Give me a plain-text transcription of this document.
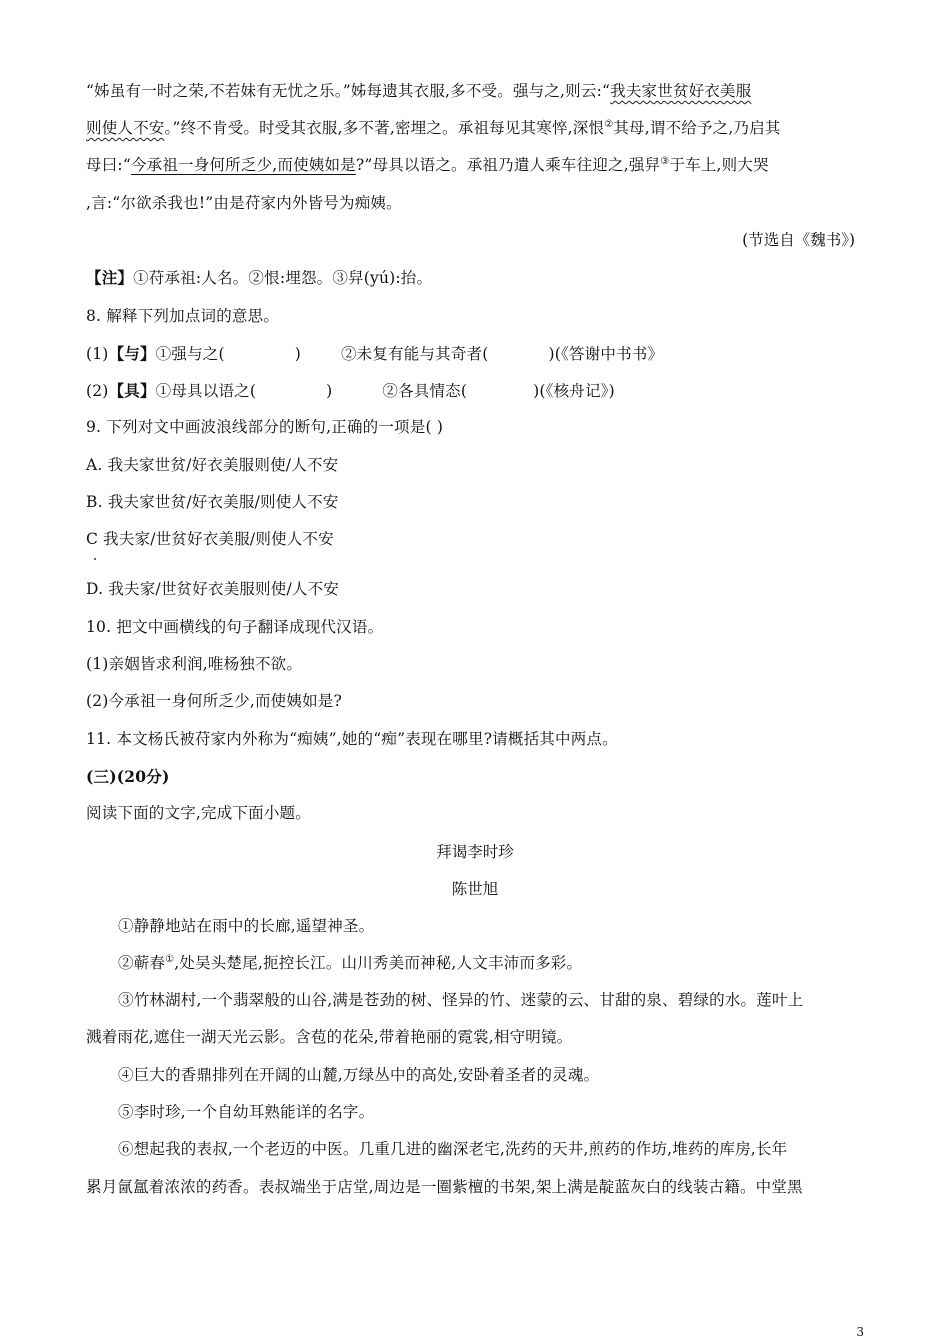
“姊虽有一时之荣,不若妹有无忧之乐。”姊每遗其衣服,多不受。强与之,则云:“我夫家世贫好衣美服
则使人不安。”终不肯受。时受其衣服,多不著,密埋之。承祖每见其寒悴,深恨②其母,谓不给予之,乃启其
母曰:“今承祖一身何所乏少,而使姨如是?”母具以语之。承祖乃遣人乘车往迎之,强舁③于车上,则大哭
,言:“尔欲杀我也!”由是苻家内外皆号为痴姨。
(节选自《魏书》)
【注】①苻承祖:人名。②恨:埋怨。③舁(yú):抬。
8. 解释下列加点词的意思。
(1)【与】①强与之(	)	②未复有能与其奇者(	)(《答谢中书书》
(2)【具】①母具以语之(	)	②各具情态(	)(《核舟记》)
9. 下列对文中画波浪线部分的断句,正确的一项是( )
A. 我夫家世贫/好衣美服则使/人不安
B. 我夫家世贫/好衣美服/则使人不安
C 我夫家/世贫好衣美服/则使人不安
D. 我夫家/世贫好衣美服则使/人不安
10. 把文中画横线的句子翻译成现代汉语。
(1)亲姻皆求利润,唯杨独不欲。
(2)今承祖一身何所乏少,而使姨如是?
11. 本文杨氏被苻家内外称为“痴姨”,她的“痴”表现在哪里?请概括其中两点。
(三)(20分)
阅读下面的文字,完成下面小题。
拜谒李时珍
陈世旭
①静静地站在雨中的长廊,遥望神圣。
②蕲春①,处吴头楚尾,扼控长江。山川秀美而神秘,人文丰沛而多彩。
③竹林湖村,一个翡翠般的山谷,满是苍劲的树、怪异的竹、迷蒙的云、甘甜的泉、碧绿的水。莲叶上
溅着雨花,遮住一湖天光云影。含苞的花朵,带着艳丽的霓裳,相守明镜。
④巨大的香鼎排列在开阔的山麓,万绿丛中的高处,安卧着圣者的灵魂。
⑤李时珍,一个自幼耳熟能详的名字。
⑥想起我的表叔,一个老迈的中医。几重几进的幽深老宅,洗药的天井,煎药的作坊,堆药的库房,长年
累月氤氲着浓浓的药香。表叔端坐于店堂,周边是一圈紫檀的书架,架上满是靛蓝灰白的线装古籍。中堂黑
3
